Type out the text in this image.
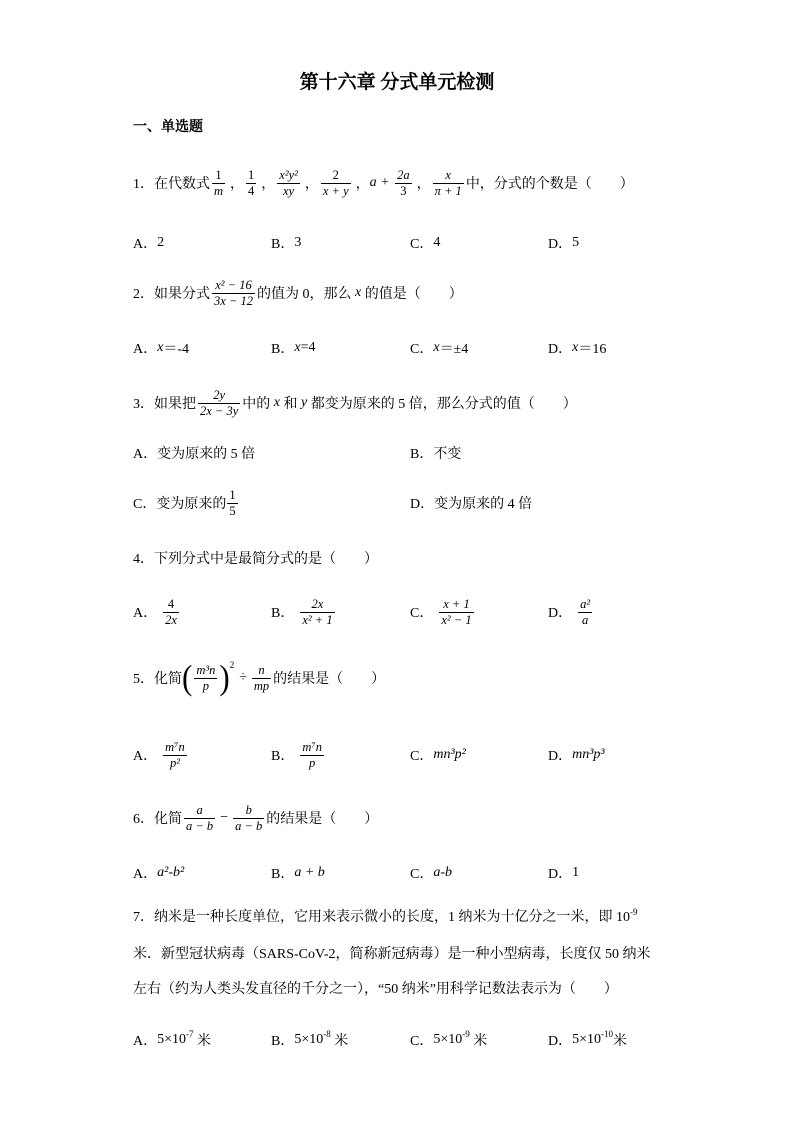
第十六章 分式单元检测
一、单选题
1． 在代数式 $\frac{1}{m}$ ， $\frac{1}{4}$ ， $\frac{\text{x²y²}}{xy}$ ， $\frac{2}{x + y}$ ， $a + \frac{2a}{3}$ ， $\frac{x}{\pi + 1}$ 中，分式的个数是（　　）
A． 2	B． 3	C． 4	D． 5
2． 如果分式 $\frac{\text{x² − 16}}{3x - 12}$ 的值为 0，那么 x 的值是（　　）
A． x ＝-4	B． x =4	C． x ＝±4	D． x ＝16
3． 如果把 $\frac{2y}{2x - 3y}$ 中的 x 和 y 都变为原来的 5 倍，那么分式的值（　　）
A． 变为原来的 5 倍	B． 不变
C． 变为原来的 $\frac{1}{5}$	D． 变为原来的 4 倍
4． 下列分式中是最简分式的是（　　）
A． $\frac{4}{2x}$	B． $\frac{2x}{\text{x² + 1}}$	C． $\frac{x + 1}{\text{x² − 1}}$	D． $\frac{\text{a²}}{a}$
5． 化简 ( $\frac{\text{m³n}}{p}$ ) 2
÷ $\frac{n}{mp}$ 的结果是（　　）
A． $\frac{\text{m⁷n}}{\text{p²}}$	B． $\frac{\text{m⁷n}}{p}$	C． mn³p²	D． mn³p³
6． 化简 $\frac{a}{a - b} - \frac{b}{a - b}$ 的结果是（　　）
A． a²-b²	B． a + b	C． a-b	D． 1
7．纳米是一种长度单位，它用来表示微小的长度，1 纳米为十亿分之一米，即 $10^{-9}$
米．新型冠状病毒（SARS-CoV-2，简称新冠病毒）是一种小型病毒，长度仅 50 纳米
左右（约为人类头发直径的千分之一），“50 纳米”用科学记数法表示为（　　）
A． 5×10 -7 米	B． 5×10 -8 米	C． 5×10 -9 米	D． 5×10 -10 米
